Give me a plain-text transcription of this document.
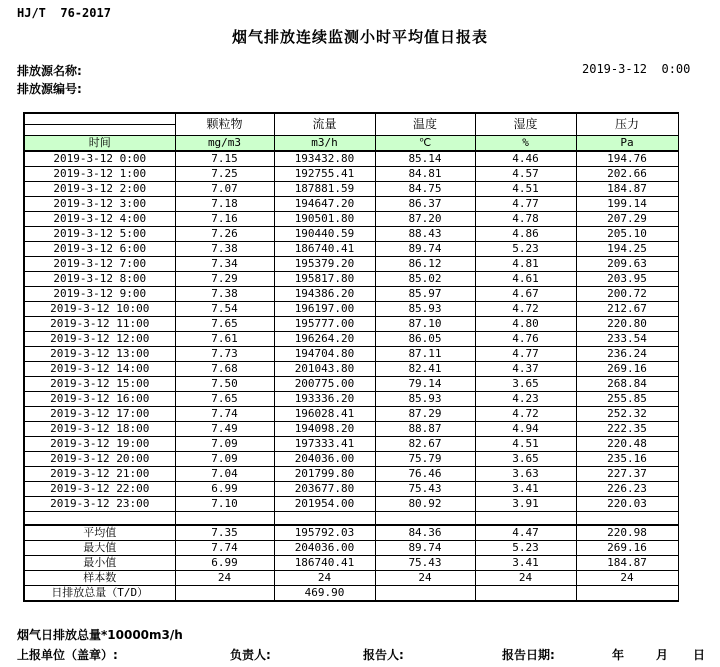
HJ/T  76-2017
烟气排放连续监测小时平均值日报表
排放源名称:
排放源编号:
2019-3-12  0:00
	颗粒物	流量	温度	湿度	压力
时间	mg/m3	m3/h	℃	%	Pa
2019-3-12 0:00	7.15	193432.80	85.14	4.46	194.76
2019-3-12 1:00	7.25	192755.41	84.81	4.57	202.66
2019-3-12 2:00	7.07	187881.59	84.75	4.51	184.87
2019-3-12 3:00	7.18	194647.20	86.37	4.77	199.14
2019-3-12 4:00	7.16	190501.80	87.20	4.78	207.29
2019-3-12 5:00	7.26	190440.59	88.43	4.86	205.10
2019-3-12 6:00	7.38	186740.41	89.74	5.23	194.25
2019-3-12 7:00	7.34	195379.20	86.12	4.81	209.63
2019-3-12 8:00	7.29	195817.80	85.02	4.61	203.95
2019-3-12 9:00	7.38	194386.20	85.97	4.67	200.72
2019-3-12 10:00	7.54	196197.00	85.93	4.72	212.67
2019-3-12 11:00	7.65	195777.00	87.10	4.80	220.80
2019-3-12 12:00	7.61	196264.20	86.05	4.76	233.54
2019-3-12 13:00	7.73	194704.80	87.11	4.77	236.24
2019-3-12 14:00	7.68	201043.80	82.41	4.37	269.16
2019-3-12 15:00	7.50	200775.00	79.14	3.65	268.84
2019-3-12 16:00	7.65	193336.20	85.93	4.23	255.85
2019-3-12 17:00	7.74	196028.41	87.29	4.72	252.32
2019-3-12 18:00	7.49	194098.20	88.87	4.94	222.35
2019-3-12 19:00	7.09	197333.41	82.67	4.51	220.48
2019-3-12 20:00	7.09	204036.00	75.79	3.65	235.16
2019-3-12 21:00	7.04	201799.80	76.46	3.63	227.37
2019-3-12 22:00	6.99	203677.80	75.43	3.41	226.23
2019-3-12 23:00	7.10	201954.00	80.92	3.91	220.03

平均值	7.35	195792.03	84.36	4.47	220.98
最大值	7.74	204036.00	89.74	5.23	269.16
最小值	6.99	186740.41	75.43	3.41	184.87
样本数	24	24	24	24	24
日排放总量（T/D）		469.90			
烟气日排放总量*10000m3/h
上报单位（盖章）:	负责人:	报告人:	报告日期:	年	月 日
